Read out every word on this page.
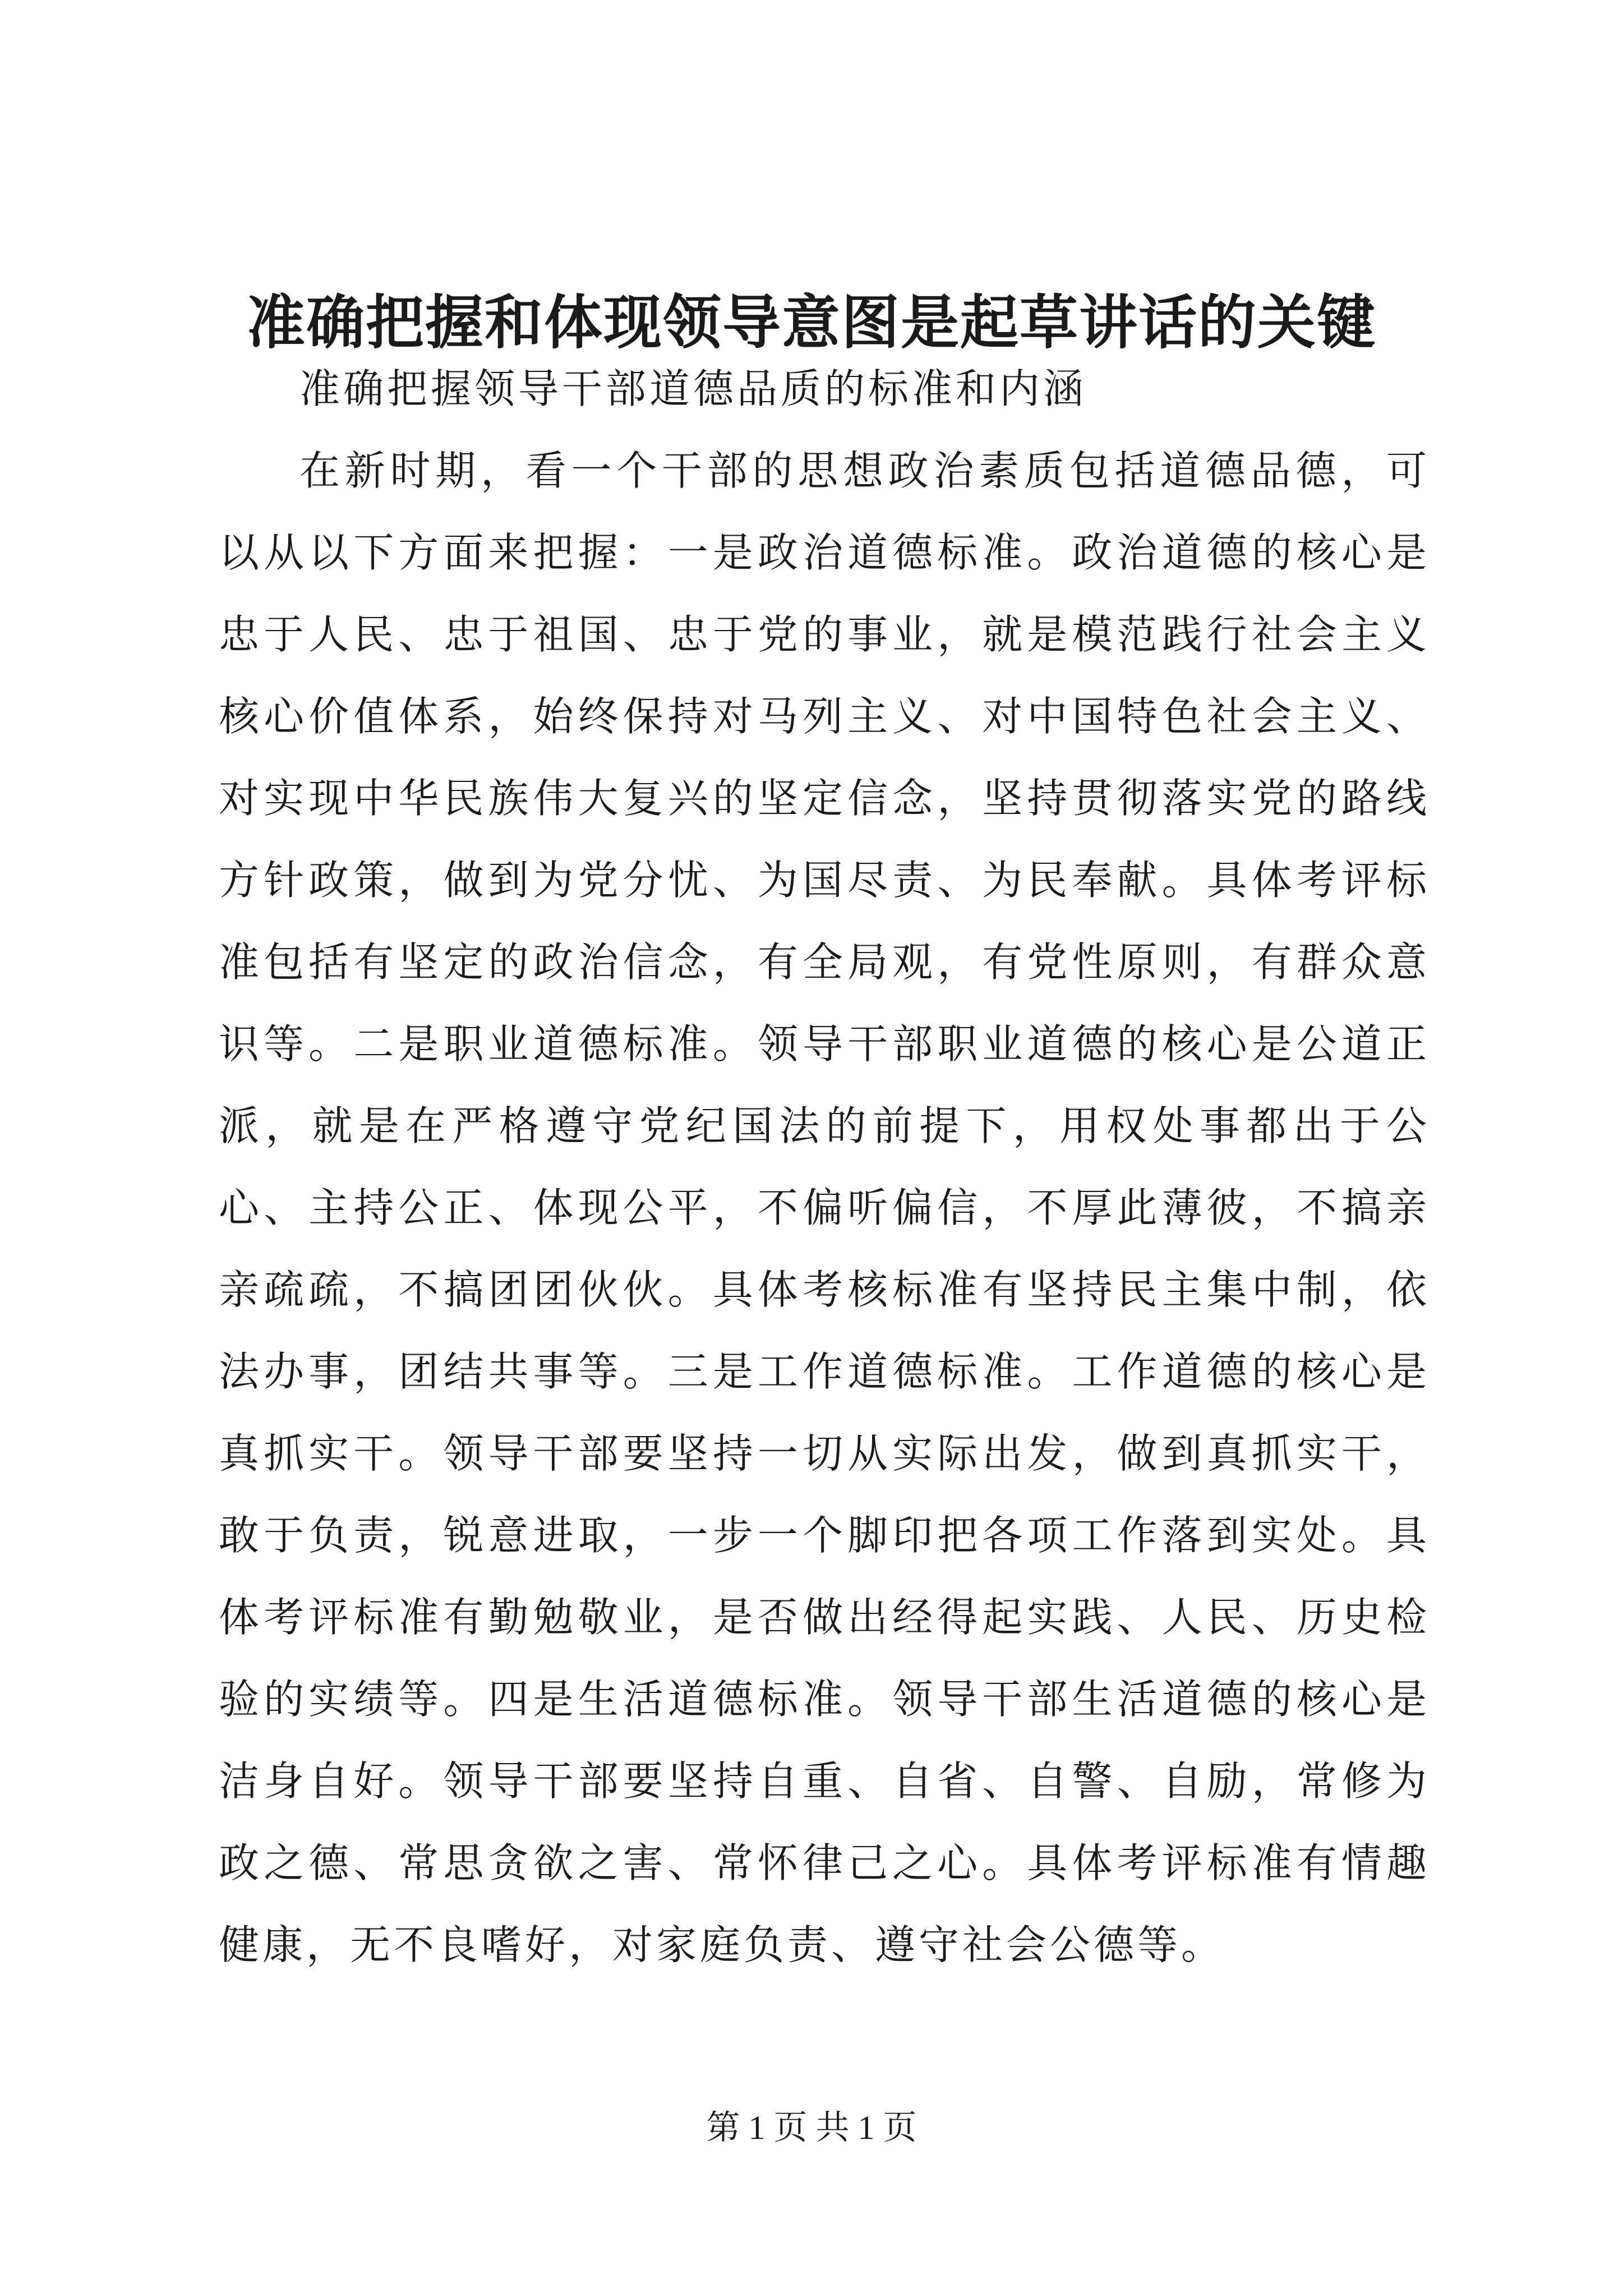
准确把握和体现领导意图是起草讲话的关键

准确把握领导干部道德品质的标准和内涵

在新时期，看一个干部的思想政治素质包括道德品德，可以从以下方面来把握：一是政治道德标准。政治道德的核心是忠于人民、忠于祖国、忠于党的事业，就是模范践行社会主义核心价值体系，始终保持对马列主义、对中国特色社会主义、对实现中华民族伟大复兴的坚定信念，坚持贯彻落实党的路线方针政策，做到为党分忧、为国尽责、为民奉献。具体考评标准包括有坚定的政治信念，有全局观，有党性原则，有群众意识等。二是职业道德标准。领导干部职业道德的核心是公道正派，就是在严格遵守党纪国法的前提下，用权处事都出于公心、主持公正、体现公平，不偏听偏信，不厚此薄彼，不搞亲亲疏疏，不搞团团伙伙。具体考核标准有坚持民主集中制，依法办事，团结共事等。三是工作道德标准。工作道德的核心是真抓实干。领导干部要坚持一切从实际出发，做到真抓实干，敢于负责，锐意进取，一步一个脚印把各项工作落到实处。具体考评标准有勤勉敬业，是否做出经得起实践、人民、历史检验的实绩等。四是生活道德标准。领导干部生活道德的核心是洁身自好。领导干部要坚持自重、自省、自警、自励，常修为政之德、常思贪欲之害、常怀律己之心。具体考评标准有情趣健康，无不良嗜好，对家庭负责、遵守社会公德等。

第 1 页 共 1 页
